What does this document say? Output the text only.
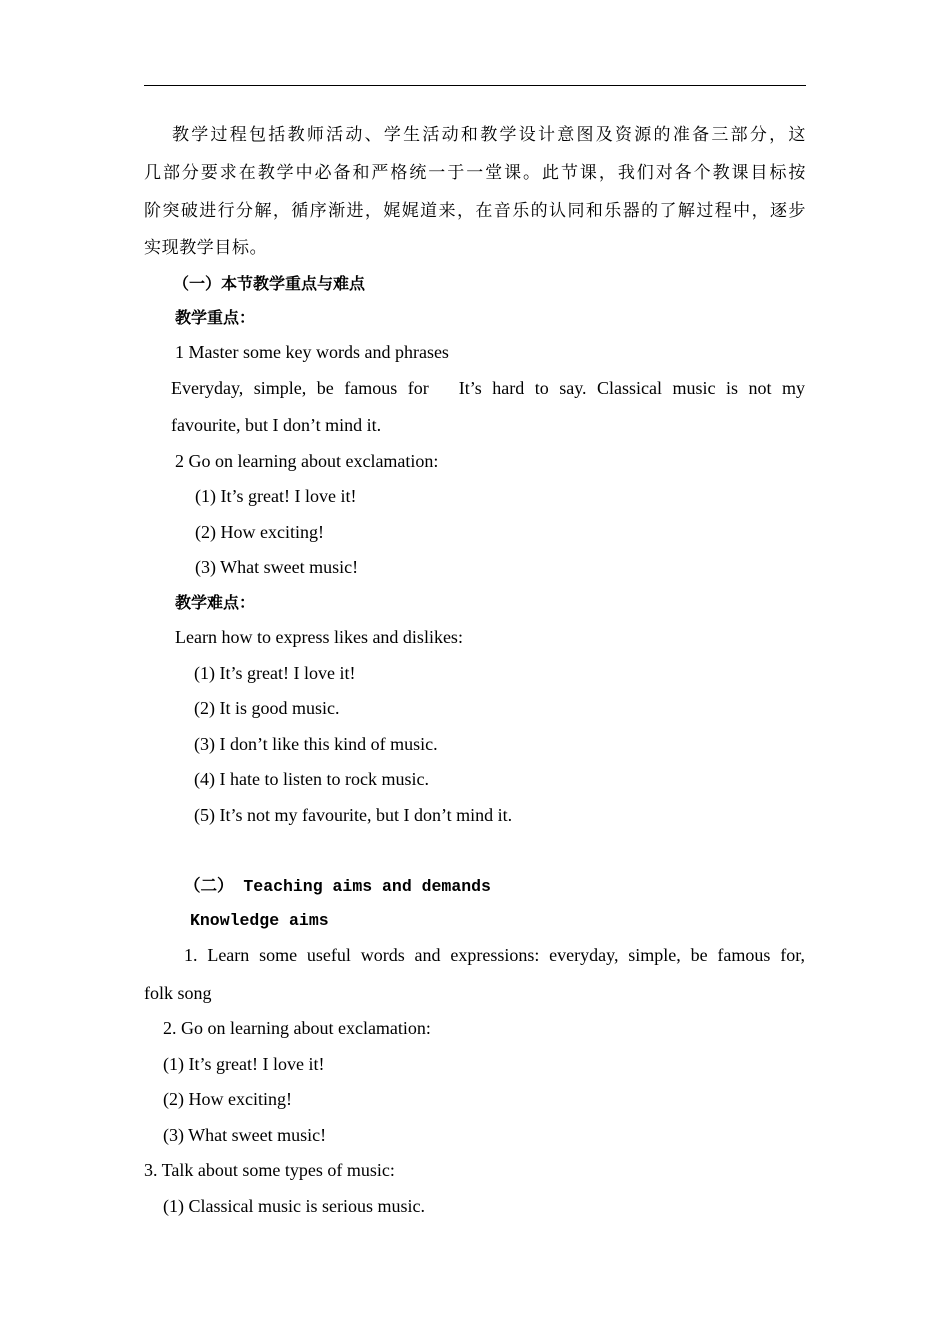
教学过程包括教师活动、学生活动和教学设计意图及资源的准备三部分，这
几部分要求在教学中必备和严格统一于一堂课。此节课，我们对各个教课目标按
阶突破进行分解，循序渐进，娓娓道来，在音乐的认同和乐器的了解过程中，逐步
实现教学目标。
（一）本节教学重点与难点
教学重点：
1 Master some key words and phrases
Everyday, simple, be famous for　It’s hard to say. Classical music is not my
favourite, but I don’t mind it.
2 Go on learning about exclamation:
(1) It’s great! I love it!
(2) How exciting!
(3) What sweet music!
教学难点：
Learn how to express likes and dislikes:
(1) It’s great! I love it!
(2) It is good music.
(3) I don’t like this kind of music.
(4) I hate to listen to rock music.
(5) It’s not my favourite, but I don’t mind it.
（二） Teaching aims and demands
Knowledge aims
1. Learn some useful words and expressions: everyday, simple, be famous for,
folk song
2. Go on learning about exclamation:
(1) It’s great! I love it!
(2) How exciting!
(3) What sweet music!
3. Talk about some types of music:
(1) Classical music is serious music.
